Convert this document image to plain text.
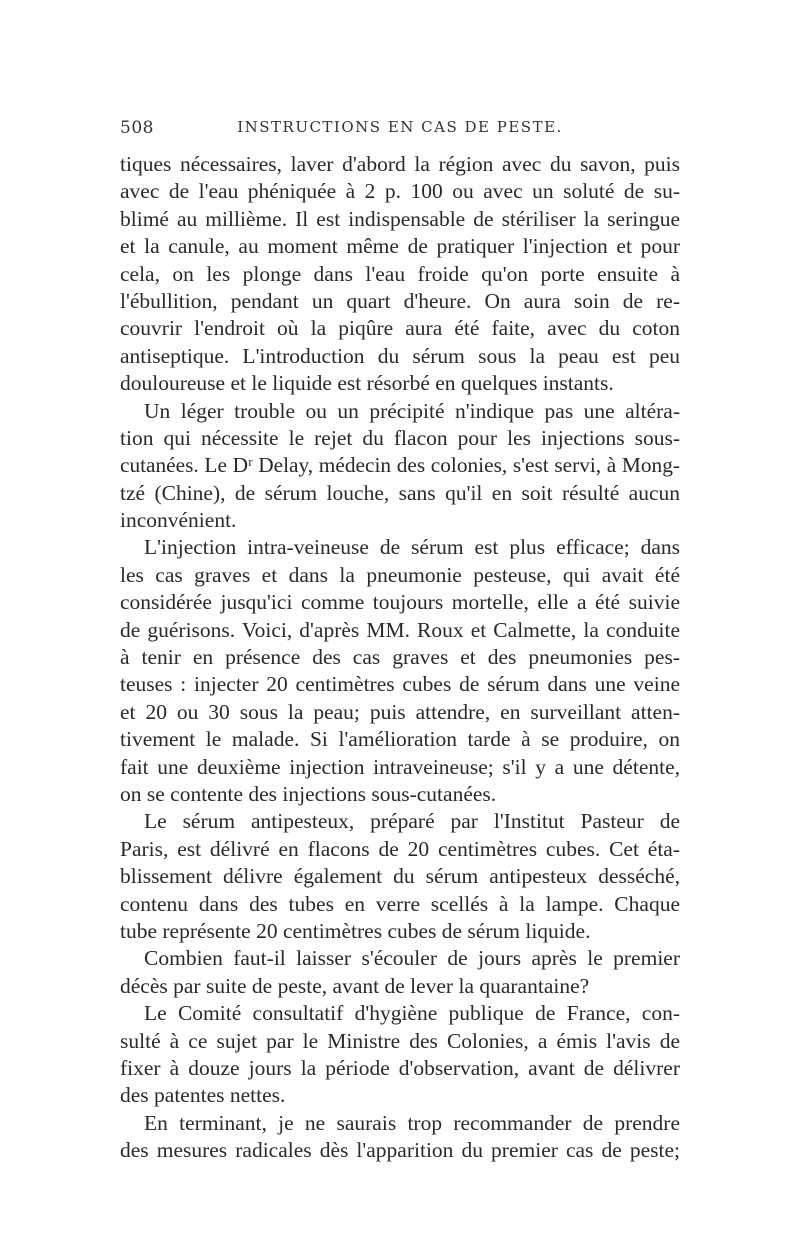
508	INSTRUCTIONS EN CAS DE PESTE.
tiques nécessaires, laver d'abord la région avec du savon, puis
avec de l'eau phéniquée à 2 p. 100 ou avec un soluté de su-
blimé au millième. Il est indispensable de stériliser la seringue
et la canule, au moment même de pratiquer l'injection et pour
cela, on les plonge dans l'eau froide qu'on porte ensuite à
l'ébullition, pendant un quart d'heure. On aura soin de re-
couvrir l'endroit où la piqûre aura été faite, avec du coton
antiseptique. L'introduction du sérum sous la peau est peu
douloureuse et le liquide est résorbé en quelques instants.
Un léger trouble ou un précipité n'indique pas une altéra-
tion qui nécessite le rejet du flacon pour les injections sous-
cutanées. Le Dʳ Delay, médecin des colonies, s'est servi, à Mong-
tzé (Chine), de sérum louche, sans qu'il en soit résulté aucun
inconvénient.
L'injection intra-veineuse de sérum est plus efficace; dans
les cas graves et dans la pneumonie pesteuse, qui avait été
considérée jusqu'ici comme toujours mortelle, elle a été suivie
de guérisons. Voici, d'après MM. Roux et Calmette, la conduite
à tenir en présence des cas graves et des pneumonies pes-
teuses : injecter 20 centimètres cubes de sérum dans une veine
et 20 ou 30 sous la peau; puis attendre, en surveillant atten-
tivement le malade. Si l'amélioration tarde à se produire, on
fait une deuxième injection intraveineuse; s'il y a une détente,
on se contente des injections sous-cutanées.
Le sérum antipesteux, préparé par l'Institut Pasteur de
Paris, est délivré en flacons de 20 centimètres cubes. Cet éta-
blissement délivre également du sérum antipesteux desséché,
contenu dans des tubes en verre scellés à la lampe. Chaque
tube représente 20 centimètres cubes de sérum liquide.
Combien faut-il laisser s'écouler de jours après le premier
décès par suite de peste, avant de lever la quarantaine?
Le Comité consultatif d'hygiène publique de France, con-
sulté à ce sujet par le Ministre des Colonies, a émis l'avis de
fixer à douze jours la période d'observation, avant de délivrer
des patentes nettes.
En terminant, je ne saurais trop recommander de prendre
des mesures radicales dès l'apparition du premier cas de peste;
